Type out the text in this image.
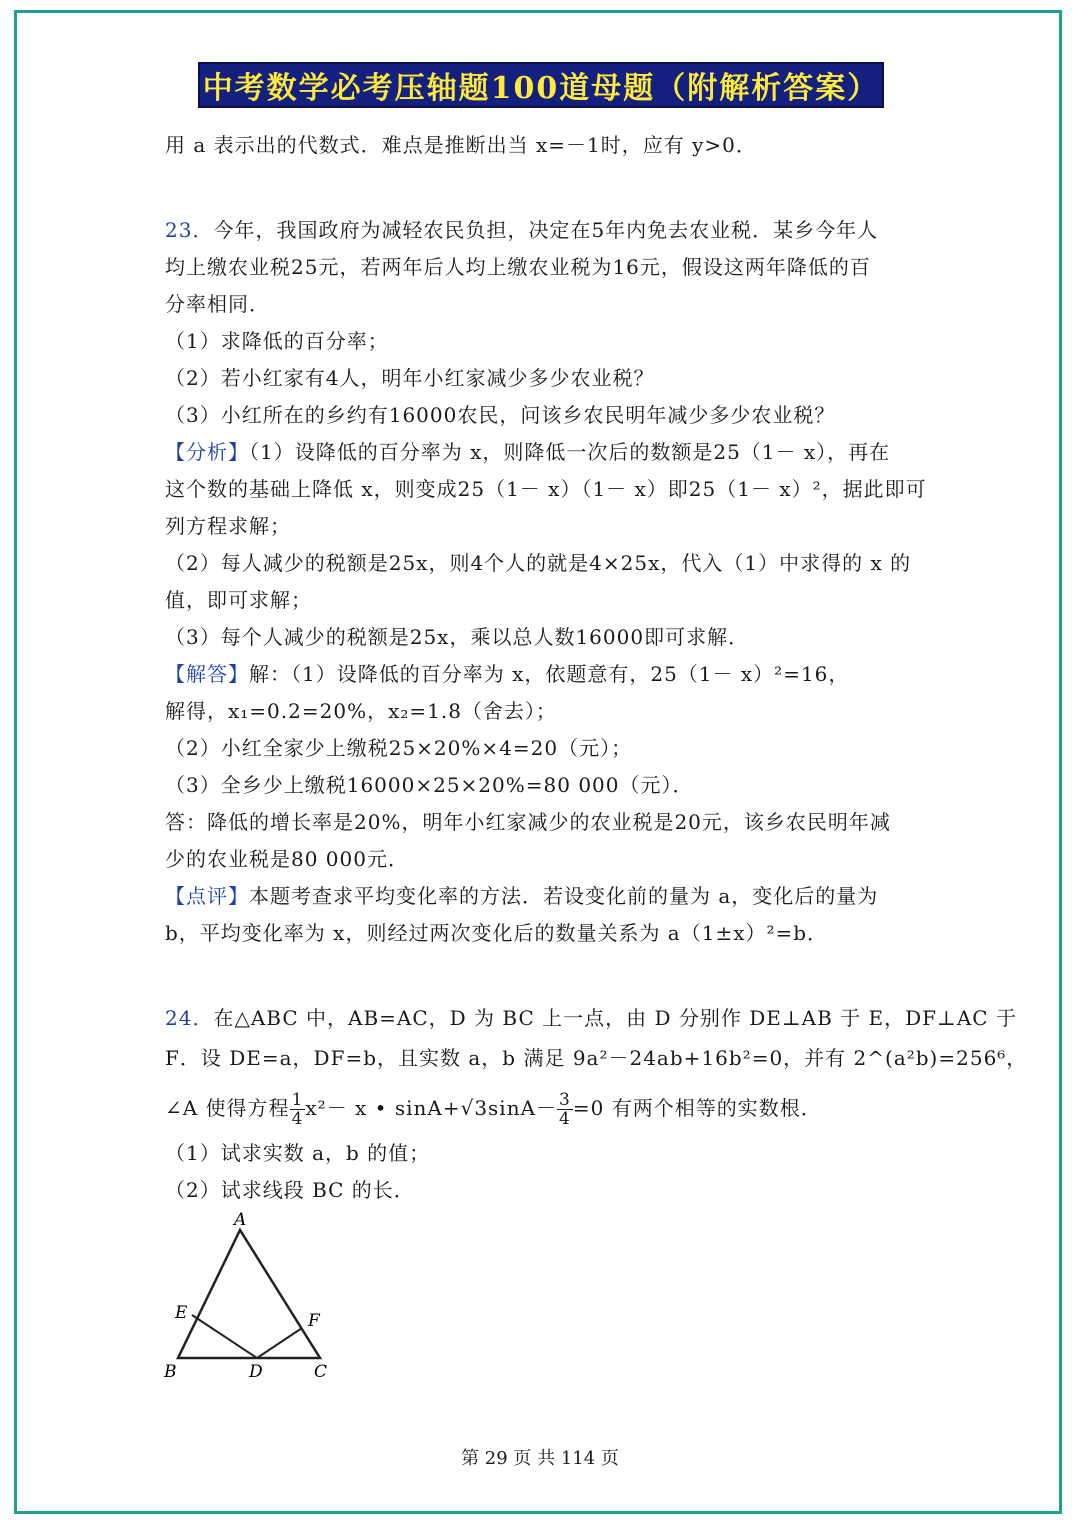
中考数学必考压轴题100道母题（附解析答案）
用 a 表示出的代数式．难点是推断出当 x=－1时，应有 y>0．
23．今年，我国政府为减轻农民负担，决定在5年内免去农业税．某乡今年人
均上缴农业税25元，若两年后人均上缴农业税为16元，假设这两年降低的百
分率相同．
（1）求降低的百分率；
（2）若小红家有4人，明年小红家减少多少农业税？
（3）小红所在的乡约有16000农民，问该乡农民明年减少多少农业税？
【分析】（1）设降低的百分率为 x，则降低一次后的数额是25（1－ x），再在
这个数的基础上降低 x，则变成25（1－ x）（1－ x）即25（1－ x）²，据此即可
列方程求解；
（2）每人减少的税额是25x，则4个人的就是4×25x，代入（1）中求得的 x 的
值，即可求解；
（3）每个人减少的税额是25x，乘以总人数16000即可求解．
【解答】解：（1）设降低的百分率为 x，依题意有，25（1－ x）²=16，
解得，x₁=0.2=20%，x₂=1.8（舍去）；
（2）小红全家少上缴税25×20%×4=20（元）；
（3）全乡少上缴税16000×25×20%=80 000（元）．
答：降低的增长率是20%，明年小红家减少的农业税是20元，该乡农民明年减
少的农业税是80 000元．
【点评】本题考查求平均变化率的方法．若设变化前的量为 a，变化后的量为
b，平均变化率为 x，则经过两次变化后的数量关系为 a（1±x）²=b．
24．在△ABC 中，AB=AC，D 为 BC 上一点，由 D 分别作 DE⊥AB 于 E，DF⊥AC 于
F．设 DE=a，DF=b，且实数 a，b 满足 9a²－24ab+16b²=0，并有 2^(a²b)=256⁶，
∠A 使得方程 $\frac{1}{4} x^2- x$ • $\sin A+√3\sin A- \frac{3}{4} =0$ 有两个相等的实数根．
（1）试求实数 a，b 的值；
（2）试求线段 BC 的长．
A
B	C
D
E	F
第 29 页 共 114 页
